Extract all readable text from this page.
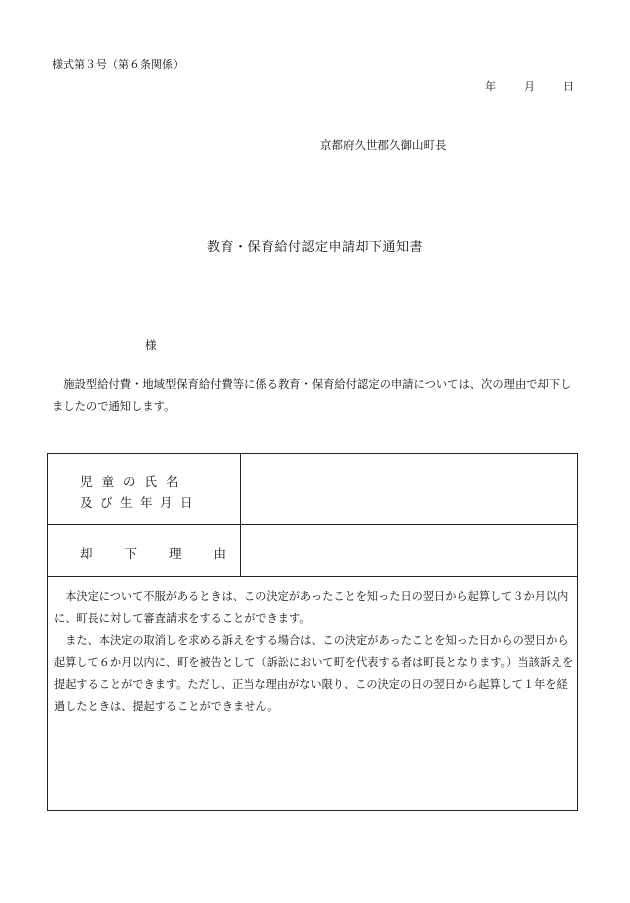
様式第３号（第６条関係）
年	月	日
京都府久世郡久御山町長
教育・保育給付認定申請却下通知書
様
施設型給付費・地域型保育給付費等に係る教育・保育給付認定の申請については、次の理由で却下しましたので通知します。
児童の氏名
及び生年月日
却	下	理	由

本決定について不服があるときは、この決定があったことを知った日の翌日から起算して３か月以内に、町長に対して審査請求をすることができます。

また、本決定の取消しを求める訴えをする場合は、この決定があったことを知った日からの翌日から起算して６か月以内に、町を被告として（訴訟において町を代表する者は町長となります。）当該訴えを提起することができます。ただし、正当な理由がない限り、この決定の日の翌日から起算して１年を経過したときは、提起することができません。
